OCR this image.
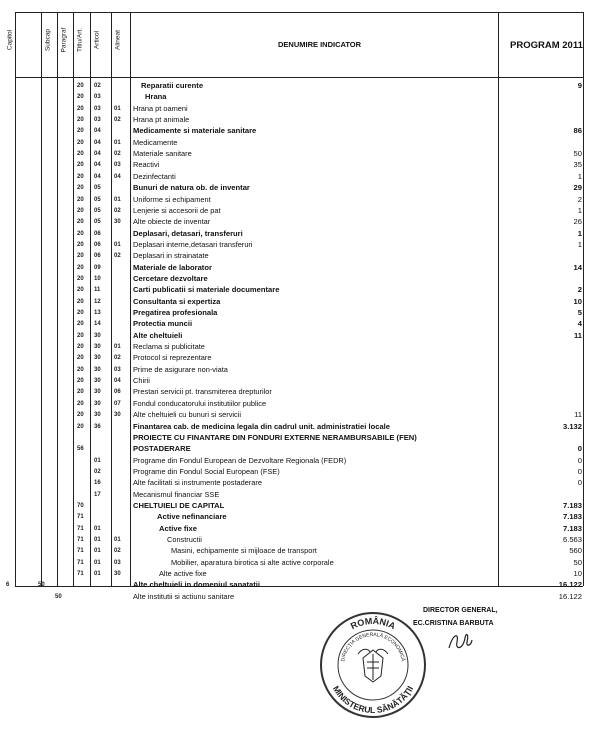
Capitol	Subcap Paragraf Titlu/Art. Articol Alineat	DENUMIRE INDICATOR	PROGRAM 2011
20 02	Reparatii curente	9
20 03	Hrana
20 03 01 Hrana pt oameni
20 03 02 Hrana pt animale
20 04	Medicamente si materiale sanitare	86
20 04 01 Medicamente
20 04 02 Materiale sanitare	50
20 04 03 Reactivi	35
20 04 04 Dezinfectanti	1
20 05	Bunuri de natura ob. de inventar	29
20 05 01 Uniforme si echipament	2
20 05 02 Lenjerie si accesorii de pat	1
20 05 30 Alte obiecte de inventar	26
20 06	Deplasari, detasari, transferuri	1
20 06 01 Deplasari interne,detasari transferuri	1
20 06 02 Deplasari in strainatate
20 09	Materiale de laborator	14
20 10	Cercetare dezvoltare
20 11	Carti publicatii si materiale documentare	2
20 12	Consultanta si expertiza	10
20 13	Pregatirea profesionala	5
20 14	Protectia muncii	4
20 30	Alte cheltuieli	11
20 30 01 Reclama si publicitate
20 30 02 Protocol si reprezentare
20 30 03 Prime de asigurare non-viata
20 30 04 Chirii
20 30 06 Prestari servicii pt. transmiterea drepturilor
20 30 07 Fondul conducatorului institutiilor publice
20 30 30 Alte cheltuieli cu bunuri si servicii	11
20 36	Finantarea cab. de medicina legala din cadrul unit. administratiei locale	3.132
PROIECTE CU FINANTARE DIN FONDURI EXTERNE NERAMBURSABILE (FEN)
56	POSTADERARE	0
01	Programe din Fondul European de Dezvoltare Regionala (FEDR)	0
02	Programe din Fondul Social European (FSE)	0
16	Alte facilitati si instrumente postaderare	0
17	Mecanismul financiar SSE
70	CHELTUIELI DE CAPITAL	7.183
71	Active nefinanciare	7.183
71 01	Active fixe	7.183
71 01 01	Constructii	6.563
71 01 02	Masini, echipamente si mijloace de transport	560
71 01 03	Mobilier, aparatura birotica si alte active corporale	50
71 01 30	Alte active fixe	10
6	50	Alte cheltuieli in domeniul sanatatii	16.122
50	Alte institutii si actiunu sanitare	16.122
DIRECTOR GENERAL,
EC.CRISTINA BARBUTA
ROMÂNIA
MINISTERUL SĂNĂTĂŢII
DIRECŢIA GENERALĂ ECONOMICĂ
